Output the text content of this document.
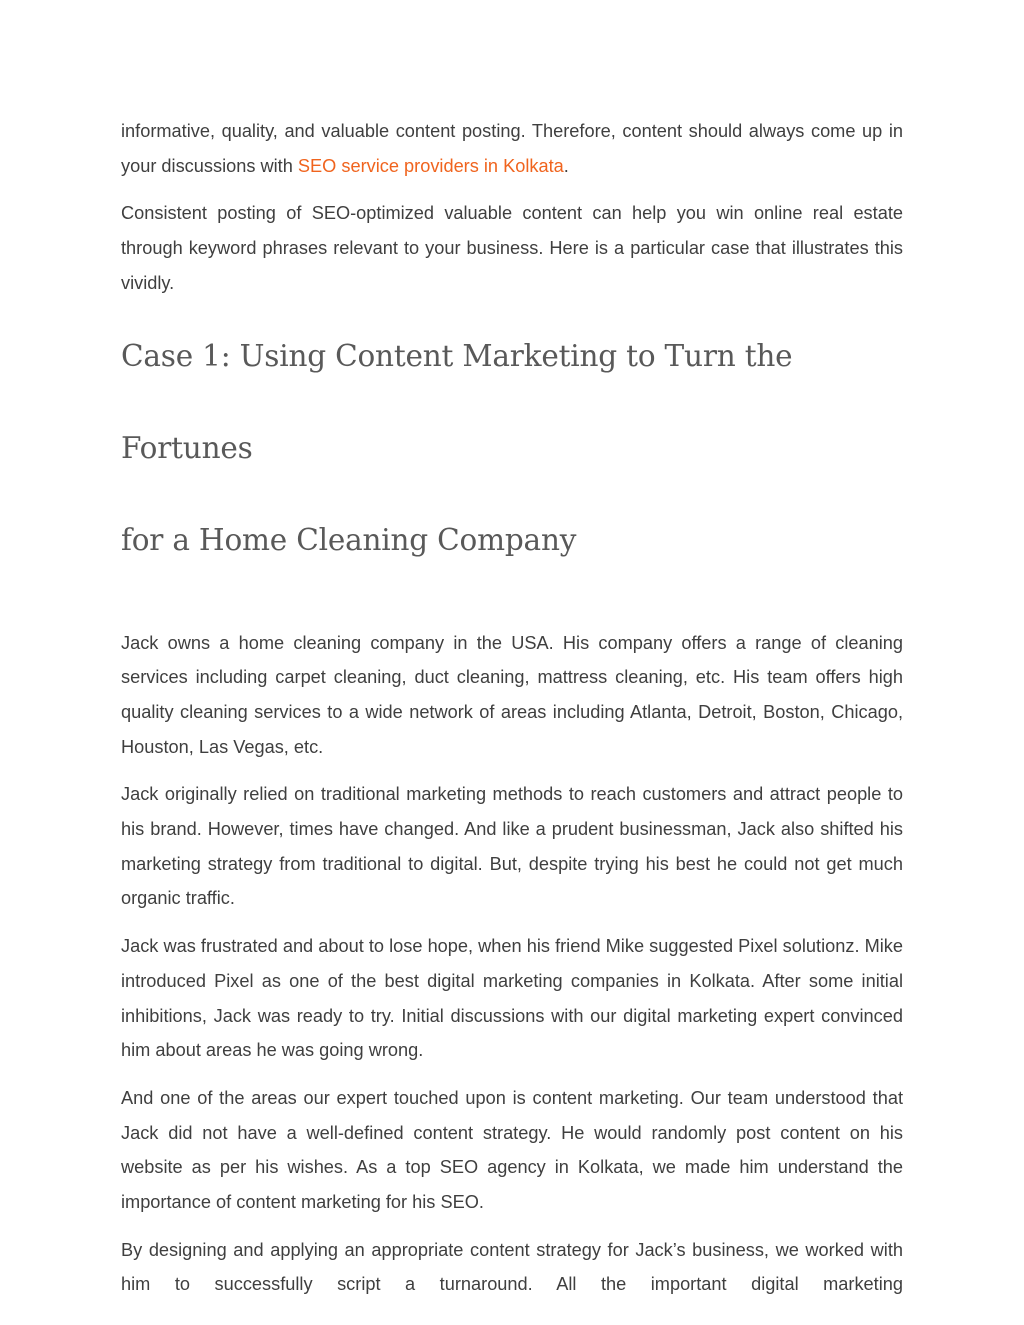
informative, quality, and valuable content posting. Therefore, content should always come up in your discussions with SEO service providers in Kolkata.

Consistent posting of SEO-optimized valuable content can help you win online real estate through keyword phrases relevant to your business. Here is a particular case that illustrates this vividly.

Case 1: Using Content Marketing to Turn the Fortunes
for a Home Cleaning Company

Jack owns a home cleaning company in the USA. His company offers a range of cleaning services including carpet cleaning, duct cleaning, mattress cleaning, etc. His team offers high quality cleaning services to a wide network of areas including Atlanta, Detroit, Boston, Chicago, Houston, Las Vegas, etc.

Jack originally relied on traditional marketing methods to reach customers and attract people to his brand. However, times have changed. And like a prudent businessman, Jack also shifted his marketing strategy from traditional to digital. But, despite trying his best he could not get much organic traffic.

Jack was frustrated and about to lose hope, when his friend Mike suggested Pixel solutionz. Mike introduced Pixel as one of the best digital marketing companies in Kolkata. After some initial inhibitions, Jack was ready to try. Initial discussions with our digital marketing expert convinced him about areas he was going wrong.

And one of the areas our expert touched upon is content marketing. Our team understood that Jack did not have a well-defined content strategy. He would randomly post content on his website as per his wishes. As a top SEO agency in Kolkata, we made him understand the importance of content marketing for his SEO.

By designing and applying an appropriate content strategy for Jack’s business, we worked with him to successfully script a turnaround. All the important digital marketing
